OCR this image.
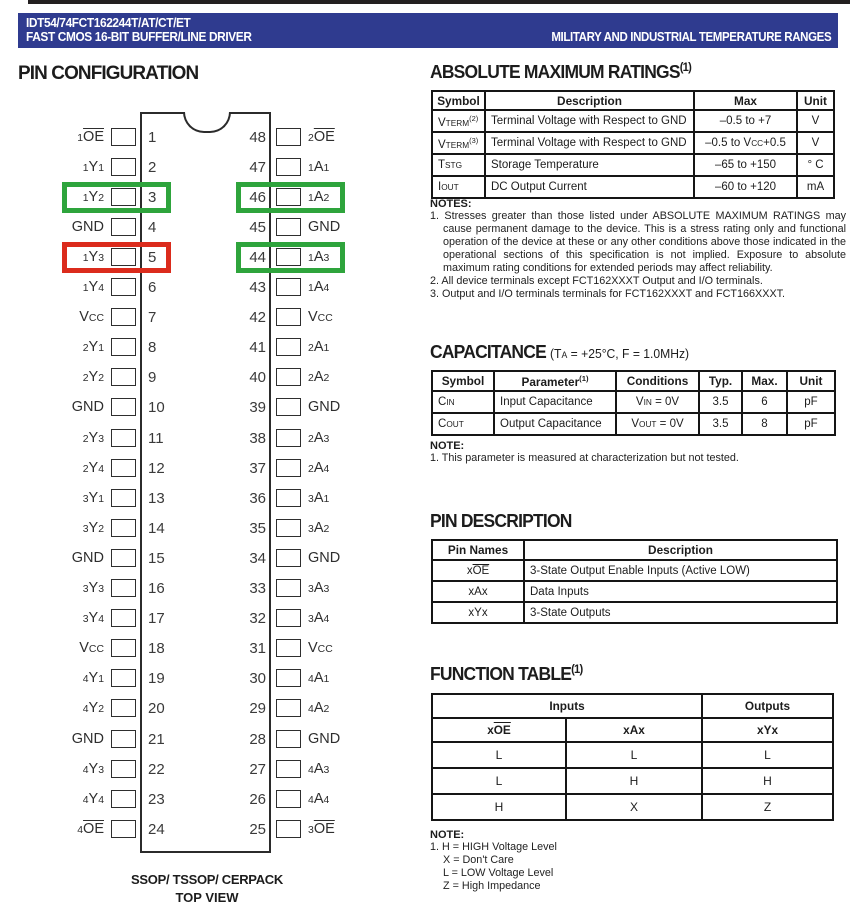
IDT54/74FCT162244T/AT/CT/ET
FAST CMOS 16-BIT BUFFER/LINE DRIVER	MILITARY AND INDUSTRIAL TEMPERATURE RANGES
PIN CONFIGURATION
$1\overline{OE}$	1
1Y1	2
1Y2	3
GND	4
1Y3	5
1Y4	6
VCC	7
2Y1	8
2Y2	9
GND	10
2Y3	11
2Y4	12
3Y1	13
3Y2	14
GND	15
3Y3	16
3Y4	17
VCC	18
4Y1	19
4Y2	20
GND	21
4Y3	22
4Y4	23
$4\overline{OE}$	24
48	$2\overline{OE}$
47	1A1
46	1A2
45	GND
44	1A3
43	1A4
42	VCC
41	2A1
40	2A2
39	GND
38	2A3
37	2A4
36	3A1
35	3A2
34	GND
33	3A3
32	3A4
31	VCC
30	4A1
29	4A2
28	GND
27	4A3
26	4A4
25	$3\overline{OE}$
SSOP/ TSSOP/ CERPACK
TOP VIEW
ABSOLUTE MAXIMUM RATINGS$^{(1)}$
Symbol	Description	Max	Unit
VTERM$^{(2)}$	Terminal Voltage with Respect to GND	–0.5 to +7	V
VTERM$^{(3)}$	Terminal Voltage with Respect to GND	–0.5 to VCC+0.5	V
TSTG	Storage Temperature	–65 to +150	° C
IOUT	DC Output Current	–60 to +120	mA
NOTES:
1. Stresses greater than those listed under ABSOLUTE MAXIMUM RATINGS may cause permanent damage to the device. This is a stress rating only and functional operation of the device at these or any other conditions above those indicated in the operational sections of this specification is not implied. Exposure to absolute maximum rating conditions for extended periods may affect reliability.
2. All device terminals except FCT162XXXT Output and I/O terminals.
3. Output and I/O terminals terminals for FCT162XXXT and FCT166XXXT.
CAPACITANCE (TA = +25°C, F = 1.0MHz)
Symbol	Parameter$^{(1)}$	Conditions	Typ.	Max.	Unit
CIN	Input Capacitance	VIN = 0V	3.5	6	pF
COUT	Output Capacitance	VOUT = 0V	3.5	8	pF
NOTE:
1. This parameter is measured at characterization but not tested.
PIN DESCRIPTION
Pin Names	Description
$x\overline{OE}$	3-State Output Enable Inputs (Active LOW)
xAx	Data Inputs
xYx	3-State Outputs
FUNCTION TABLE$^{(1)}$
Inputs		Outputs
$x\overline{OE}$	xAx	xYx
L	L	L
L	H	H
H	X	Z
NOTE:
1. H = HIGH Voltage Level
X = Don't Care
L = LOW Voltage Level
Z = High Impedance
